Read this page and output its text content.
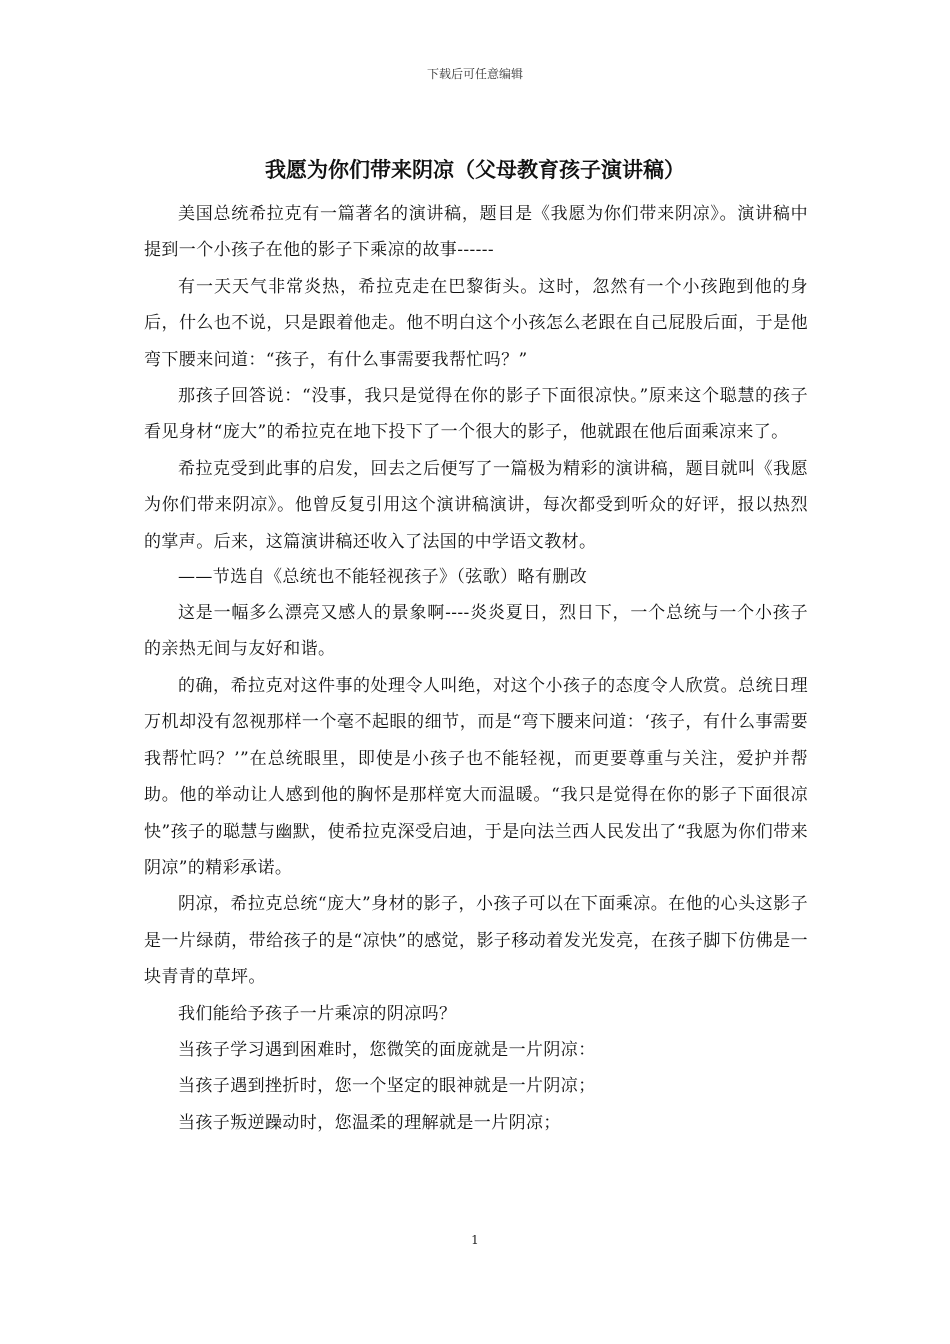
下载后可任意编辑
我愿为你们带来阴凉（父母教育孩子演讲稿）

美国总统希拉克有一篇著名的演讲稿，题目是《我愿为你们带来阴凉》。演讲稿中提到一个小孩子在他的影子下乘凉的故事------

有一天天气非常炎热，希拉克走在巴黎街头。这时，忽然有一个小孩跑到他的身后，什么也不说，只是跟着他走。他不明白这个小孩怎么老跟在自己屁股后面，于是他弯下腰来问道：“孩子，有什么事需要我帮忙吗？”

那孩子回答说：“没事，我只是觉得在你的影子下面很凉快。”原来这个聪慧的孩子看见身材“庞大”的希拉克在地下投下了一个很大的影子，他就跟在他后面乘凉来了。

希拉克受到此事的启发，回去之后便写了一篇极为精彩的演讲稿，题目就叫《我愿为你们带来阴凉》。他曾反复引用这个演讲稿演讲，每次都受到听众的好评，报以热烈的掌声。后来，这篇演讲稿还收入了法国的中学语文教材。

——节选自《总统也不能轻视孩子》（弦歌）略有删改

这是一幅多么漂亮又感人的景象啊----炎炎夏日，烈日下，一个总统与一个小孩子的亲热无间与友好和谐。

的确，希拉克对这件事的处理令人叫绝，对这个小孩子的态度令人欣赏。总统日理万机却没有忽视那样一个毫不起眼的细节，而是“弯下腰来问道：‘孩子，有什么事需要我帮忙吗？’”在总统眼里，即使是小孩子也不能轻视，而更要尊重与关注，爱护并帮助。他的举动让人感到他的胸怀是那样宽大而温暖。“我只是觉得在你的影子下面很凉快”孩子的聪慧与幽默，使希拉克深受启迪，于是向法兰西人民发出了“我愿为你们带来阴凉”的精彩承诺。

阴凉，希拉克总统“庞大”身材的影子，小孩子可以在下面乘凉。在他的心头这影子是一片绿荫，带给孩子的是“凉快”的感觉，影子移动着发光发亮，在孩子脚下仿佛是一块青青的草坪。

我们能给予孩子一片乘凉的阴凉吗？

当孩子学习遇到困难时，您微笑的面庞就是一片阴凉：

当孩子遇到挫折时，您一个坚定的眼神就是一片阴凉；

当孩子叛逆躁动时，您温柔的理解就是一片阴凉；

1
